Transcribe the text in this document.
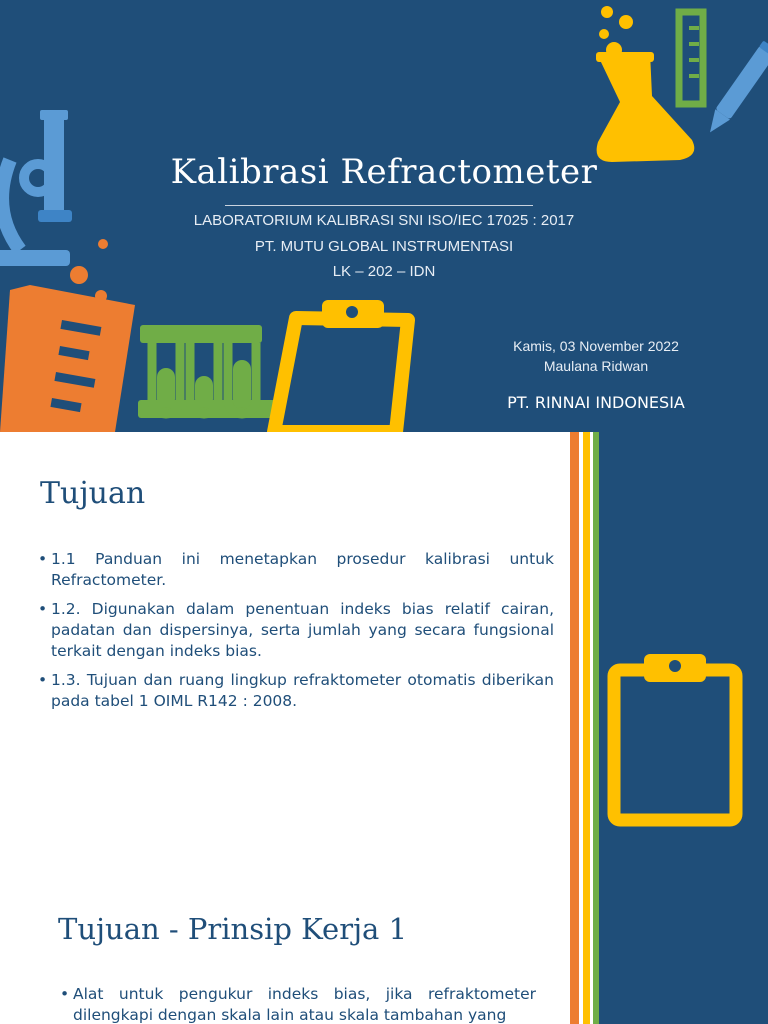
Kalibrasi Refractometer
LABORATORIUM KALIBRASI SNI ISO/IEC 17025 : 2017
PT. MUTU GLOBAL INSTRUMENTASI
LK – 202 – IDN
Kamis, 03 November 2022
Maulana Ridwan
PT. RINNAI INDONESIA
Tujuan
• 1.1 Panduan ini menetapkan prosedur kalibrasi untuk Refractometer.
• 1.2. Digunakan dalam penentuan indeks bias relatif cairan, padatan dan dispersinya, serta jumlah yang secara fungsional terkait dengan indeks bias.
• 1.3. Tujuan dan ruang lingkup refraktometer otomatis diberikan pada tabel 1 OIML R142 : 2008.
Tujuan - Prinsip Kerja 1
• Alat untuk pengukur indeks bias, jika refraktometer dilengkapi dengan skala lain atau skala tambahan yang
